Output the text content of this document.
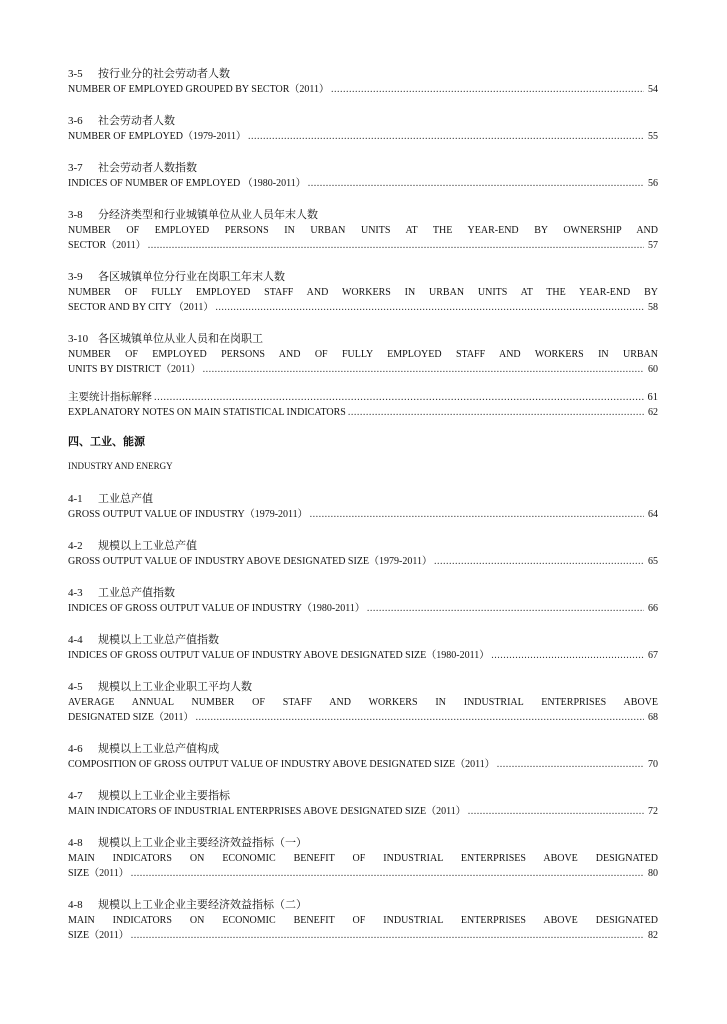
3-5 按行业分的社会劳动者人数
NUMBER OF EMPLOYED GROUPED BY SECTOR（2011） .....	54
3-6 社会劳动者人数
NUMBER OF EMPLOYED（1979-2011） .....	55
3-7 社会劳动者人数指数
INDICES OF NUMBER OF EMPLOYED （1980-2011） .....	56
3-8 分经济类型和行业城镇单位从业人员年末人数
NUMBER OF EMPLOYED PERSONS IN URBAN UNITS AT THE YEAR-END BY OWNERSHIP AND
SECTOR（2011） .....	57
3-9 各区城镇单位分行业在岗职工年末人数
NUMBER OF FULLY EMPLOYED STAFF AND WORKERS IN URBAN UNITS AT THE YEAR-END BY
SECTOR AND BY CITY （2011） .....	58
3-10 各区城镇单位从业人员和在岗职工
NUMBER OF EMPLOYED PERSONS AND OF FULLY EMPLOYED STAFF AND WORKERS IN URBAN
UNITS BY DISTRICT（2011） .....	60
主要统计指标解释 .....	61
EXPLANATORY NOTES ON MAIN STATISTICAL INDICATORS .....	62
四、工业、能源
INDUSTRY AND ENERGY
4-1 工业总产值
GROSS OUTPUT VALUE OF INDUSTRY（1979-2011） .....	64
4-2 规模以上工业总产值
GROSS OUTPUT VALUE OF INDUSTRY ABOVE DESIGNATED SIZE（1979-2011） .....	65
4-3 工业总产值指数
INDICES OF GROSS OUTPUT VALUE OF INDUSTRY（1980-2011） .....	66
4-4 规模以上工业总产值指数
INDICES OF GROSS OUTPUT VALUE OF INDUSTRY ABOVE DESIGNATED SIZE（1980-2011） .....	67
4-5 规模以上工业企业职工平均人数
AVERAGE ANNUAL NUMBER OF STAFF AND WORKERS IN INDUSTRIAL ENTERPRISES ABOVE
DESIGNATED SIZE（2011） .....	68
4-6 规模以上工业总产值构成
COMPOSITION OF GROSS OUTPUT VALUE OF INDUSTRY ABOVE DESIGNATED SIZE（2011） .....	70
4-7 规模以上工业企业主要指标
MAIN INDICATORS OF INDUSTRIAL ENTERPRISES ABOVE DESIGNATED SIZE（2011） .....	72
4-8 规模以上工业企业主要经济效益指标（一）
MAIN INDICATORS ON ECONOMIC BENEFIT OF INDUSTRIAL ENTERPRISES ABOVE DESIGNATED
SIZE（2011） .....	80
4-8 规模以上工业企业主要经济效益指标（二）
MAIN INDICATORS ON ECONOMIC BENEFIT OF INDUSTRIAL ENTERPRISES ABOVE DESIGNATED
SIZE（2011） .....	82
